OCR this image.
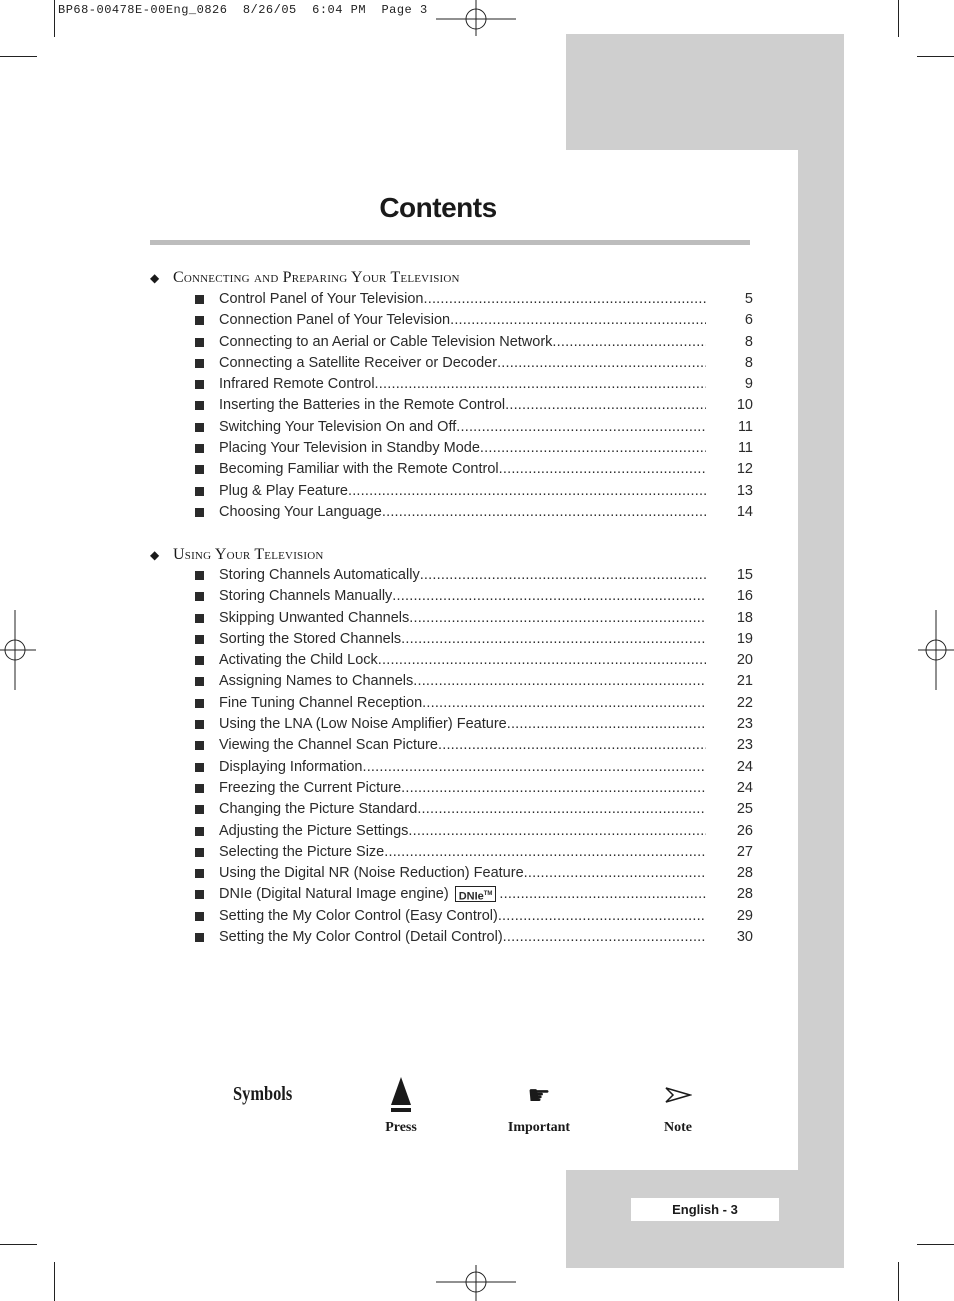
BP68-00478E-00Eng_0826  8/26/05  6:04 PM  Page 3
Contents
◆ Connecting and Preparing Your Television
Control Panel of Your Television .....	5
Connection Panel of Your Television .....	6
Connecting to an Aerial or Cable Television Network .....	8
Connecting a Satellite Receiver or Decoder .....	8
Infrared Remote Control .....	9
Inserting the Batteries in the Remote Control .....	10
Switching Your Television On and Off .....	11
Placing Your Television in Standby Mode .....	11
Becoming Familiar with the Remote Control .....	12
Plug & Play Feature .....	13
Choosing Your Language .....	14
◆ Using Your Television
Storing Channels Automatically .....	15
Storing Channels Manually .....	16
Skipping Unwanted Channels .....	18
Sorting the Stored Channels .....	19
Activating the Child Lock .....	20
Assigning Names to Channels .....	21
Fine Tuning Channel Reception .....	22
Using the LNA (Low Noise Amplifier) Feature .....	23
Viewing the Channel Scan Picture .....	23
Displaying Information .....	24
Freezing the Current Picture .....	24
Changing the Picture Standard .....	25
Adjusting the Picture Settings .....	26
Selecting the Picture Size .....	27
Using the Digital NR (Noise Reduction) Feature .....	28
DNIe (Digital Natural Image engine) DNIe™ .....	28
Setting the My Color Control (Easy Control) .....	29
Setting the My Color Control (Detail Control) .....	30
Symbols
Press
☛
Important	Note
English - 3
